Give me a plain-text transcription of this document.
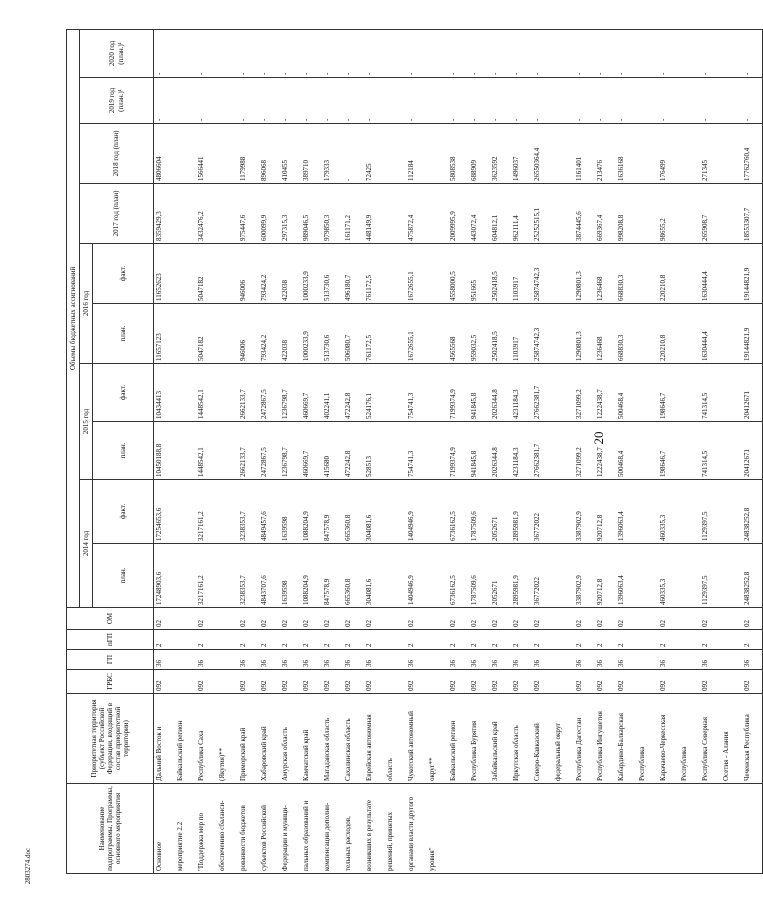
20
2803274.doc
Наименование подпрограммы, Программы, основного мероприятия	Приоритетная территория (субъект Российской Федерации, входящий в состав приоритетной территории)	ГРБС	ГП	пГП	ОМ	Объемы бюджетных ассигнований									
						2014 год		2015 год		2016 год		2017 год (план)	2018 год (план)	2019 год (план.)¹	2020 год (план.)¹
						план.	факт.	план.	факт.	план.	факт.				
Основное	Дальний Восток и	092	36	2	02	17248903,6	17254653,6	10450188,8	10434413	11657123	11652623	8359429,3	4806604	-	-
мероприятие 2.2	Байкальский регион														
"Поддержка мер по	Республика Саха	092	36	2	02	3217161,2	3217161,2	1448542,1	1448542,1	5047182	5047182	3432476,2	1566441	-	-
обеспечению сбаланси-	(Якутия)**														
рованности бюджетов	Приморский край	092	36	2	02	3238353,7	3238353,7	2662133,7	2662133,7	946006	946006	975447,6	1179988	-	-
субъектов Российской	Хабаровский край	092	36	2	02	4843707,6	4849457,6	2472867,5	2472867,5	793424,2	793424,2	600099,9	896068	-	-
Федерации и муници-	Амурская область	092	36	2	02	1639598	1639598	1236798,7	1236798,7	422038	422038	297315,3	410455	-	-
пальных образований и	Камчатский край	092	36	2	02	1088204,9	1088204,9	460669,7	460669,7	1000233,9	1000233,9	989046,5	389710	-	-
компенсации дополни-	Магаданская область	092	36	2	02	847578,9	847578,9	415680	402241,1	513730,6	513730,6	979850,3	179333	-	-
тельных расходов,	Сахалинская область	092	36	2	02	665360,8	665360,8	472242,8	472242,8	506080,7	496180,7	161171,2	-	-	-
возникших в результате	Еврейская автономная	092	36	2	02	304081,6	304081,6	528513	524176,1	761172,5	761172,5	448149,9	72425	-	-
решений, принятых	область														
органами власти другого	Чукотский автономный	092	36	2	02	1404946,9	1404946,9	754741,3	754741,3	1672655,1	1672655,1	475872,4	112184	-	-
уровня"	округ**														
	Байкальский регион	092	36	2	02	6736162,5	6736162,5	7199374,9	7199374,9	4565568	4558000,5	2009995,9	5808538	-	-
	Республика Бурятия	092	36	2	02	1787509,6	1787509,6	941845,8	941845,8	959032,5	951665	443072,4	688909	-	-
	Забайкальский край	092	36	2	02	2052671	2052671	2026344,8	2026344,8	2502418,5	2502418,5	604812,1	3623592	-	-
	Иркутская область	092	36	2	02	2895981,9	2895981,9	4231184,3	4231184,3	1103917	1103917	962111,4	1496037	-	-
	Северо-Кавказский	092	36	2	02	36772022	36772022	27662381,7	27662381,7	25874742,3	25874742,3	25252515,1	26550364,4	-	-
	федеральный округ														
	Республика Дагестан	092	36	2	02	3387902,9	3387902,9	3271099,2	3271099,2	1290801,3	1290801,3	3874445,6	1161401	-	-
	Республика Ингушетия	092	36	2	02	920712,8	920712,8	1222438,7	1222438,7	1236468	1236468	669367,4	213476	-	-
	Кабардино-Балкарская	092	36	2	02	1396063,4	1396063,4	500468,4	500468,4	668830,3	668830,3	998208,8	1636168	-	-
	Республика														
	Карачаево-Черкесская	092	36	2	02	460335,3	460335,3	198646,7	198646,7	220210,8	220210,8	98655,2	176499	-	-
	Республика														
	Республика Северная	092	36	2	02	1129397,5	1129397,5	741314,5	741314,5	1630444,4	1630444,4	265908,7	271345	-	-
	Осетия - Алания														
	Чеченская Республика	092	36	2	02	24838252,8	24838252,8	20412671	20412671	19144821,9	19144821,9	18553307,7	17762760,4	-	-
